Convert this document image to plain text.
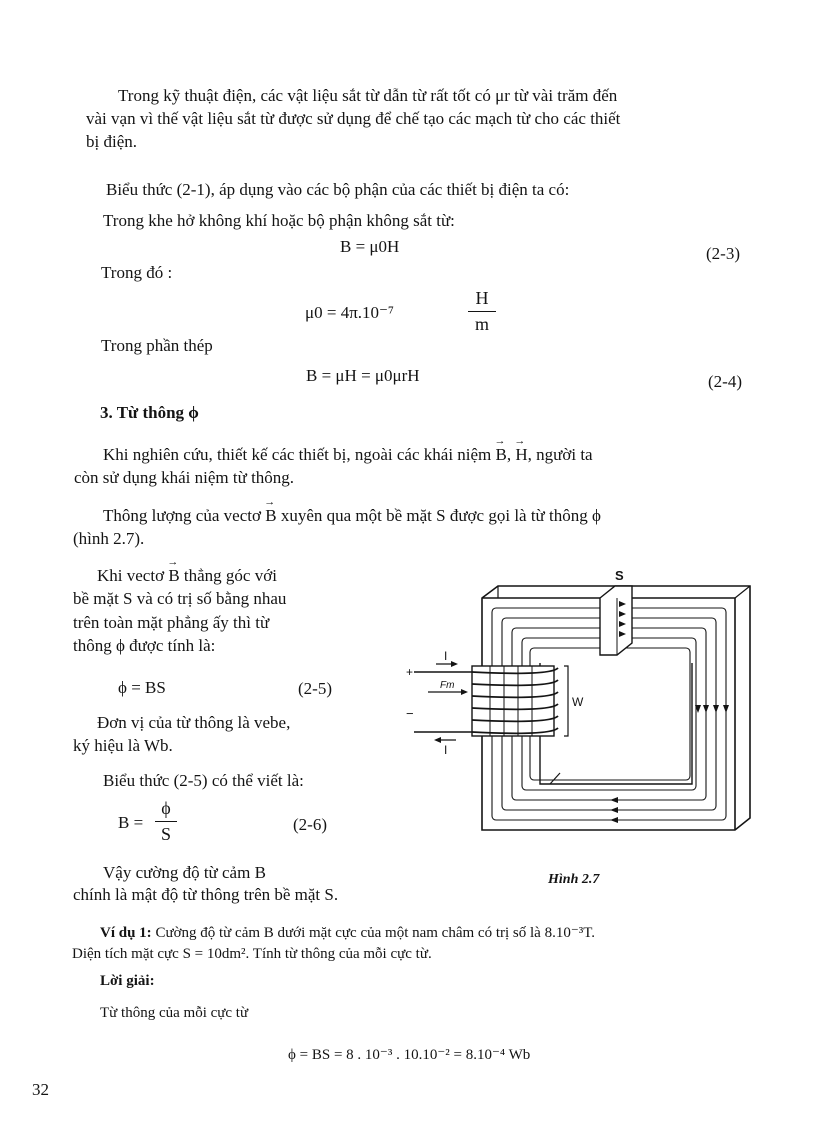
Trong kỹ thuật điện, các vật liệu sắt từ dẫn từ rất tốt có μr từ vài trăm đến
vài vạn vì thế vật liệu sắt từ được sử dụng để chế tạo các mạch từ cho các thiết
bị điện.
Biểu thức (2-1), áp dụng vào các bộ phận của các thiết bị điện ta có:
Trong khe hở không khí hoặc bộ phận không sắt từ:
B = μ0H	(2-3)
Trong đó :
μ0 = 4π.10⁻⁷
H
m
Trong phần thép
B = μH = μ0μrH	(2-4)
3. Từ thông ϕ
Khi nghiên cứu, thiết kế các thiết bị, ngoài các khái niệm → B, → H, người ta
còn sử dụng khái niệm từ thông.
Thông lượng của vectơ → B xuyên qua một bề mặt S được gọi là từ thông ϕ
(hình 2.7).
Khi vectơ → B thẳng góc với
bề mặt S và có trị số bằng nhau
trên toàn mặt phẳng ấy thì từ
thông ϕ được tính là:
ϕ = BS	(2-5)
Đơn vị của từ thông là vebe,
ký hiệu là Wb.
Biểu thức (2-5) có thể viết là:
B =
ϕ
S	(2-6)
Vậy cường độ từ cảm B
chính là mật độ từ thông trên bề mặt S.
S
I
I
+
−
Fm
W
Hình 2.7
Ví dụ 1: Cường độ từ cảm B dưới mặt cực của một nam châm có trị số là 8.10⁻³T.
Diện tích mặt cực S = 10dm². Tính từ thông của mỗi cực từ.
Lời giải:
Từ thông của mỗi cực từ
ϕ = BS = 8 . 10⁻³ . 10.10⁻² = 8.10⁻⁴ Wb
32
